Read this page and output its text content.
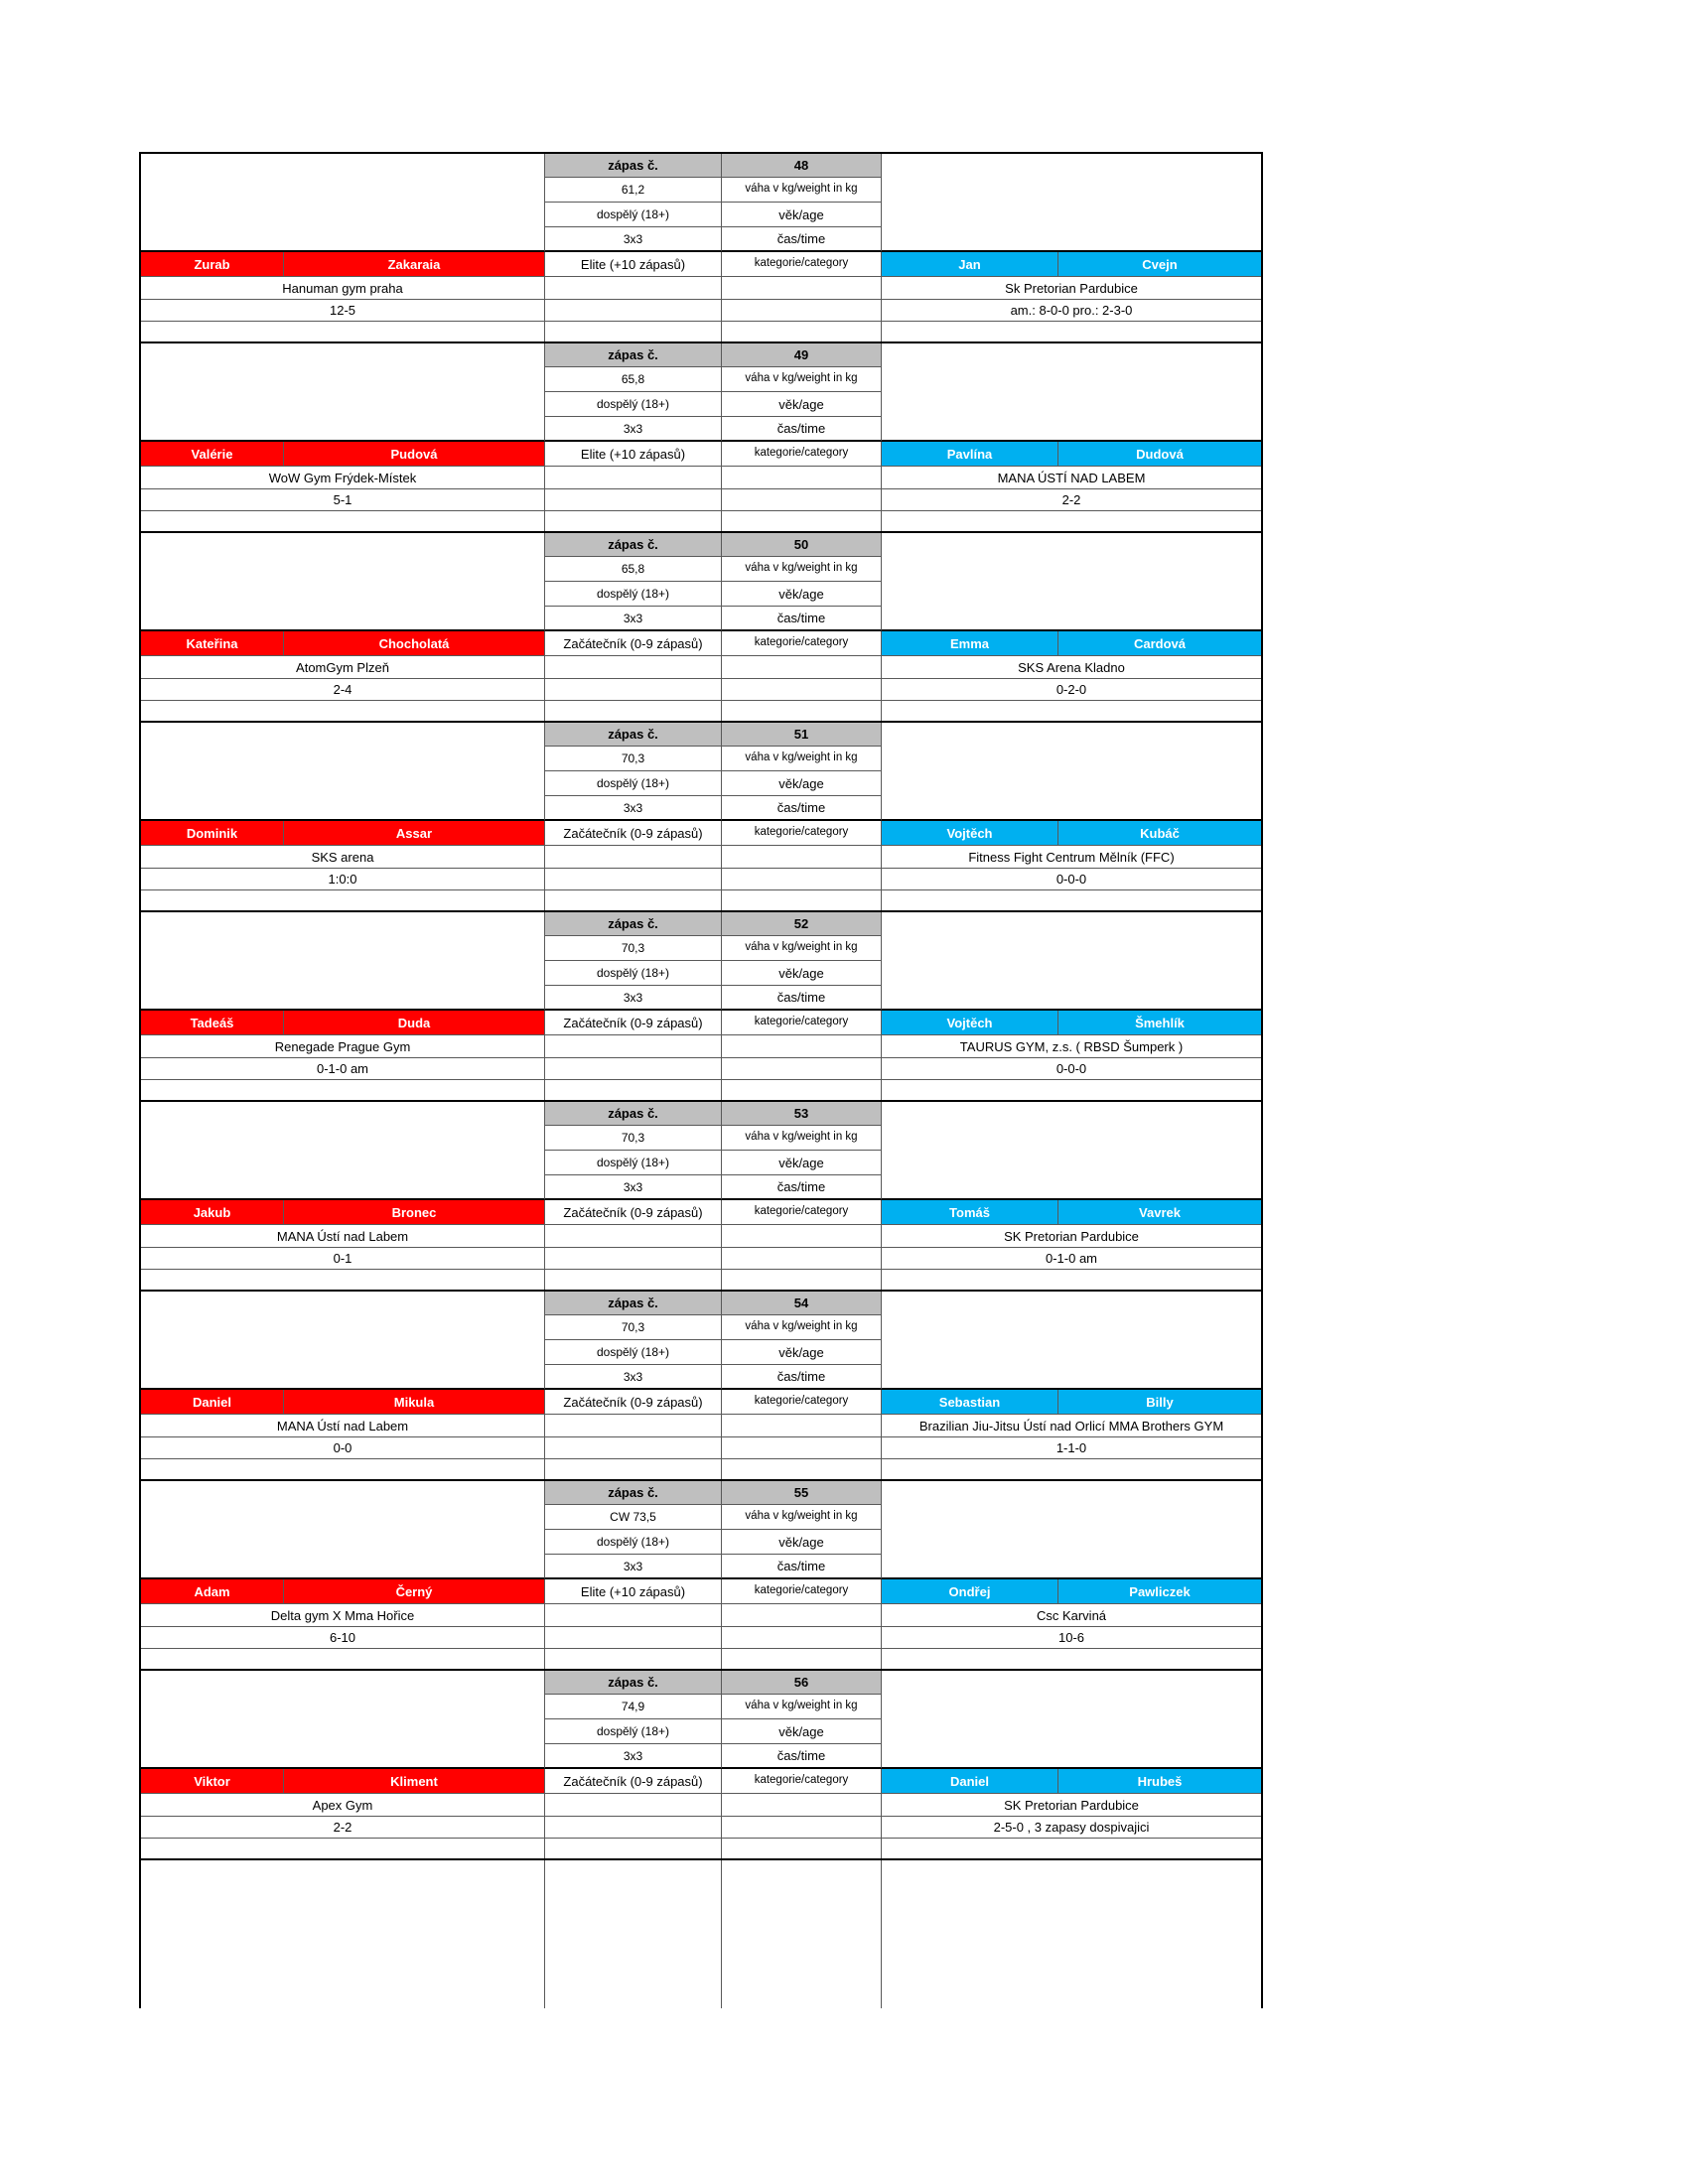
zápas č.	48
61,2	váha v kg/weight in kg
dospělý (18+)	věk/age
3x3	čas/time
Zurab	Zakaraia	Elite (+10 zápasů)	kategorie/category	Jan	Cvejn
Hanuman gym praha	Sk Pretorian Pardubice
12-5	am.: 8-0-0 pro.: 2-3-0
zápas č.	49
65,8	váha v kg/weight in kg
dospělý (18+)	věk/age
3x3	čas/time
Valérie	Pudová	Elite (+10 zápasů)	kategorie/category	Pavlína	Dudová
WoW Gym Frýdek-Místek	MANA ÚSTÍ NAD LABEM
5-1	2-2
zápas č.	50
65,8	váha v kg/weight in kg
dospělý (18+)	věk/age
3x3	čas/time
Kateřina	Chocholatá	Začátečník (0-9 zápasů)	kategorie/category	Emma	Cardová
AtomGym Plzeň	SKS Arena Kladno
2-4	0-2-0
zápas č.	51
70,3	váha v kg/weight in kg
dospělý (18+)	věk/age
3x3	čas/time
Dominik	Assar	Začátečník (0-9 zápasů)	kategorie/category	Vojtěch	Kubáč
SKS arena	Fitness Fight Centrum Mělník (FFC)
1:0:0	0-0-0
zápas č.	52
70,3	váha v kg/weight in kg
dospělý (18+)	věk/age
3x3	čas/time
Tadeáš	Duda	Začátečník (0-9 zápasů)	kategorie/category	Vojtěch	Šmehlík
Renegade Prague Gym	TAURUS GYM, z.s. ( RBSD Šumperk )
0-1-0 am	0-0-0
zápas č.	53
70,3	váha v kg/weight in kg
dospělý (18+)	věk/age
3x3	čas/time
Jakub	Bronec	Začátečník (0-9 zápasů)	kategorie/category	Tomáš	Vavrek
MANA Ústí nad Labem	SK Pretorian Pardubice
0-1	0-1-0 am
zápas č.	54
70,3	váha v kg/weight in kg
dospělý (18+)	věk/age
3x3	čas/time
Daniel	Mikula	Začátečník (0-9 zápasů)	kategorie/category	Sebastian	Billy
MANA Ústí nad Labem	Brazilian Jiu-Jitsu Ústí nad Orlicí MMA Brothers GYM
0-0	1-1-0
zápas č.	55
CW 73,5	váha v kg/weight in kg
dospělý (18+)	věk/age
3x3	čas/time
Adam	Černý	Elite (+10 zápasů)	kategorie/category	Ondřej	Pawliczek
Delta gym X Mma Hořice	Csc Karviná
6-10	10-6
zápas č.	56
74,9	váha v kg/weight in kg
dospělý (18+)	věk/age
3x3	čas/time
Viktor	Kliment	Začátečník (0-9 zápasů)	kategorie/category	Daniel	Hrubeš
Apex Gym	SK Pretorian Pardubice
2-2	2-5-0 , 3 zapasy dospivajici
